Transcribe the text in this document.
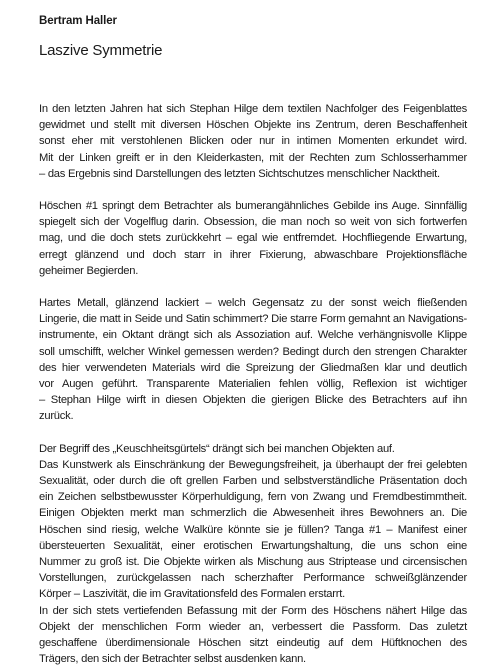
Bertram Haller
Laszive Symmetrie
In den letzten Jahren hat sich Stephan Hilge dem textilen Nachfolger des Feigenblattes
gewidmet und stellt mit diversen Höschen Objekte ins Zentrum, deren Beschaffenheit
sonst eher mit verstohlenen Blicken oder nur in intimen Momenten erkundet wird.
Mit der Linken greift er in den Kleiderkasten, mit der Rechten zum Schlosserhammer
– das Ergebnis sind Darstellungen des letzten Sichtschutzes menschlicher Nacktheit.
Höschen #1 springt dem Betrachter als bumerangähnliches Gebilde ins Auge. Sinnfällig
spiegelt sich der Vogelflug darin. Obsession, die man noch so weit von sich fortwerfen
mag, und die doch stets zurückkehrt – egal wie entfremdet. Hochfliegende Erwartung,
erregt glänzend und doch starr in ihrer Fixierung, abwaschbare Projektionsfläche
geheimer Begierden.
Hartes Metall, glänzend lackiert – welch Gegensatz zu der sonst weich fließenden
Lingerie, die matt in Seide und Satin schimmert? Die starre Form gemahnt an Navigations-
instrumente, ein Oktant drängt sich als Assoziation auf. Welche verhängnisvolle Klippe
soll umschifft, welcher Winkel gemessen werden? Bedingt durch den strengen Charakter
des hier verwendeten Materials wird die Spreizung der Gliedmaßen klar und deutlich
vor Augen geführt. Transparente Materialien fehlen völlig, Reflexion ist wichtiger
– Stephan Hilge wirft in diesen Objekten die gierigen Blicke des Betrachters auf ihn
zurück.
Der Begriff des „Keuschheitsgürtels“ drängt sich bei manchen Objekten auf.
Das Kunstwerk als Einschränkung der Bewegungsfreiheit, ja überhaupt der frei gelebten
Sexualität, oder durch die oft grellen Farben und selbstverständliche Präsentation doch
ein Zeichen selbstbewusster Körperhuldigung, fern von Zwang und Fremdbestimmtheit.
Einigen Objekten merkt man schmerzlich die Abwesenheit ihres Bewohners an. Die
Höschen sind riesig, welche Walküre könnte sie je füllen? Tanga #1 – Manifest einer
übersteuerten Sexualität, einer erotischen Erwartungshaltung, die uns schon eine
Nummer zu groß ist. Die Objekte wirken als Mischung aus Striptease und circensischen
Vorstellungen, zurückgelassen nach scherzhafter Performance schweißglänzender
Körper – Laszivität, die im Gravitationsfeld des Formalen erstarrt.
In der sich stets vertiefenden Befassung mit der Form des Höschens nähert Hilge das
Objekt der menschlichen Form wieder an, verbessert die Passform. Das zuletzt
geschaffene überdimensionale Höschen sitzt eindeutig auf dem Hüftknochen des
Trägers, den sich der Betrachter selbst ausdenken kann.
